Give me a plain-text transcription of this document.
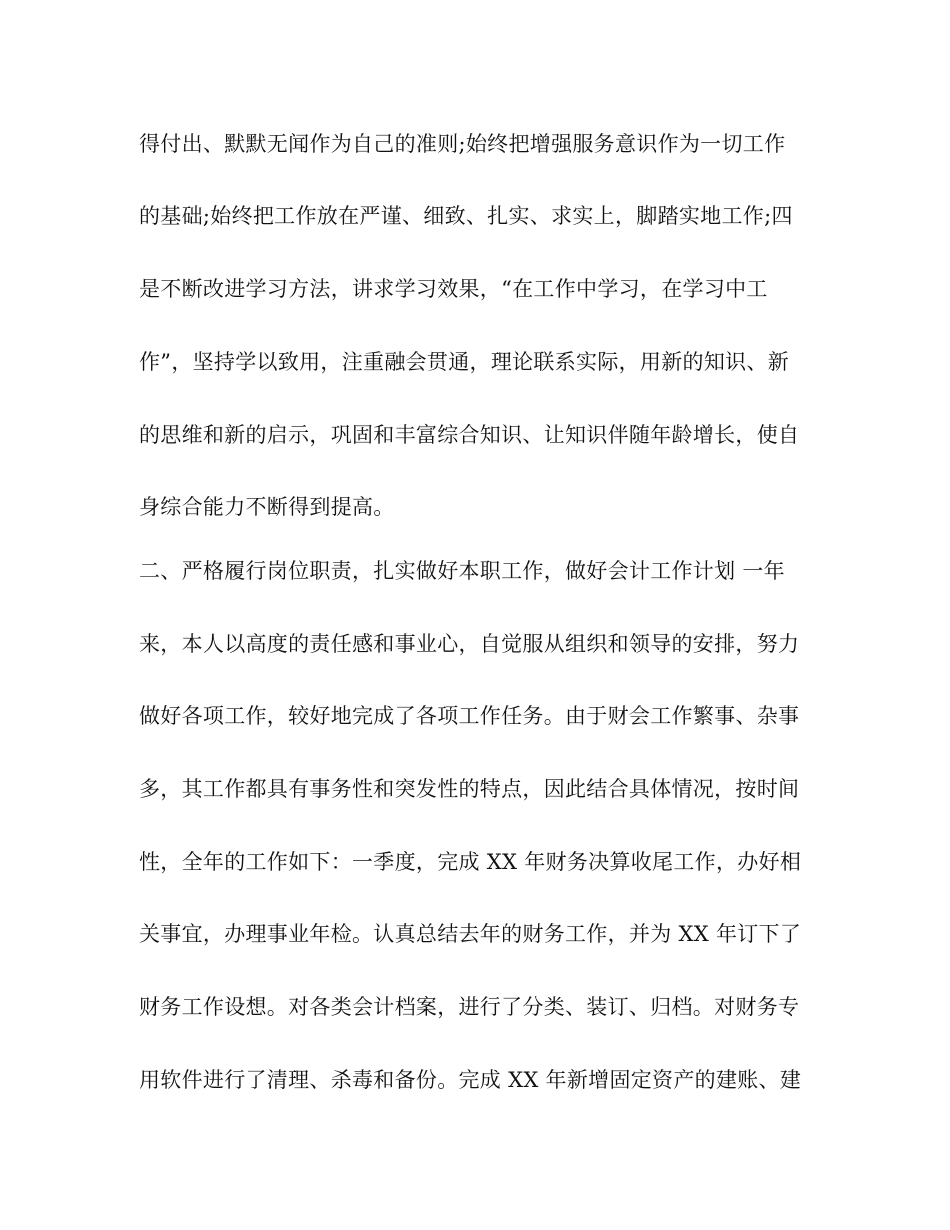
得付出、默默无闻作为自己的准则;始终把增强服务意识作为一切工作
的基础;始终把工作放在严谨、细致、扎实、求实上，脚踏实地工作;四
是不断改进学习方法，讲求学习效果，“在工作中学习，在学习中工
作”，坚持学以致用，注重融会贯通，理论联系实际，用新的知识、新
的思维和新的启示，巩固和丰富综合知识、让知识伴随年龄增长，使自
身综合能力不断得到提高。
二、严格履行岗位职责，扎实做好本职工作，做好会计工作计划 一年
来，本人以高度的责任感和事业心，自觉服从组织和领导的安排，努力
做好各项工作，较好地完成了各项工作任务。由于财会工作繁事、杂事
多，其工作都具有事务性和突发性的特点，因此结合具体情况，按时间
性，全年的工作如下：一季度，完成 XX 年财务决算收尾工作，办好相
关事宜，办理事业年检。认真总结去年的财务工作，并为 XX 年订下了
财务工作设想。对各类会计档案，进行了分类、装订、归档。对财务专
用软件进行了清理、杀毒和备份。完成 XX 年新增固定资产的建账、建
